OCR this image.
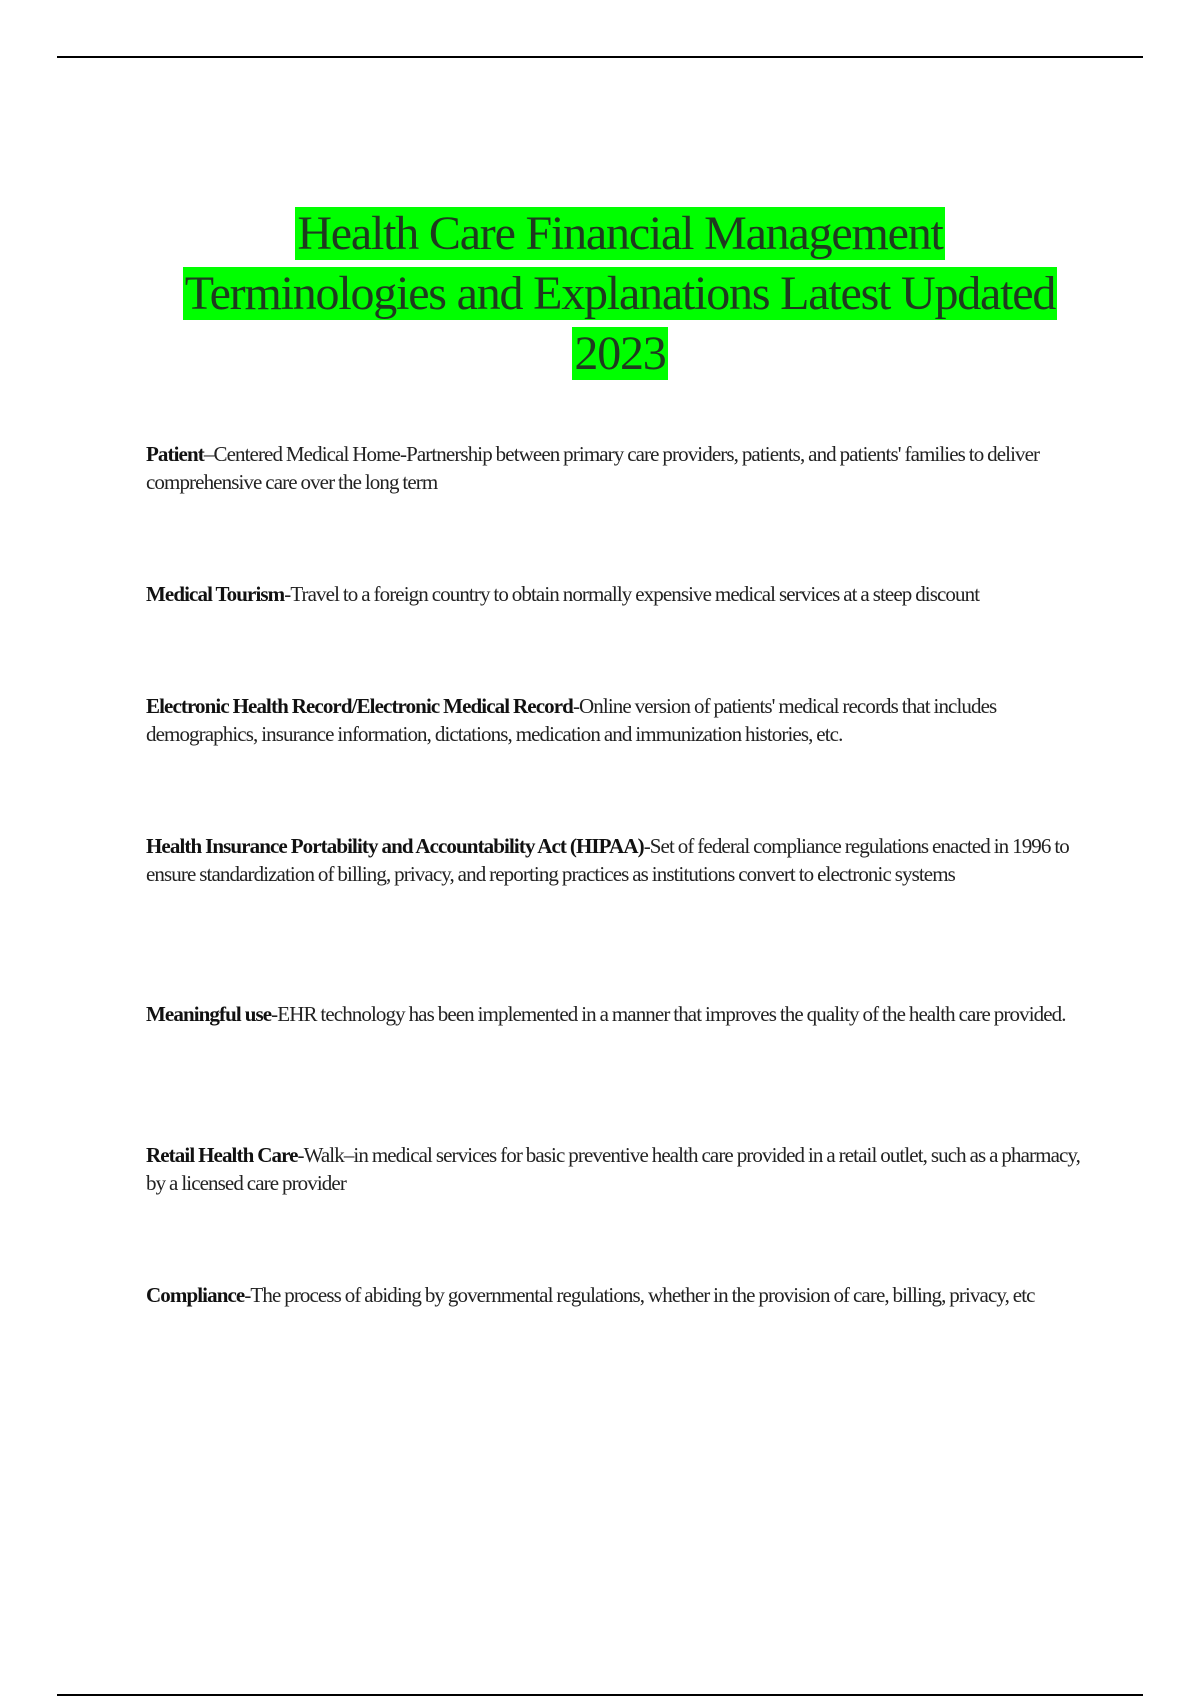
Health Care Financial Management
Terminologies and Explanations Latest Updated
2023
Patient–Centered Medical Home-Partnership between primary care providers, patients, and patients' families to deliver comprehensive care over the long term
Medical Tourism-Travel to a foreign country to obtain normally expensive medical services at a steep discount
Electronic Health Record/Electronic Medical Record-Online version of patients' medical records that includes demographics, insurance information, dictations, medication and immunization histories, etc.
Health Insurance Portability and Accountability Act (HIPAA)-Set of federal compliance regulations enacted in 1996 to ensure standardization of billing, privacy, and reporting practices as institutions convert to electronic systems
Meaningful use-EHR technology has been implemented in a manner that improves the quality of the health care provided.
Retail Health Care-Walk–in medical services for basic preventive health care provided in a retail outlet, such as a pharmacy, by a licensed care provider
Compliance-The process of abiding by governmental regulations, whether in the provision of care, billing, privacy, etc
